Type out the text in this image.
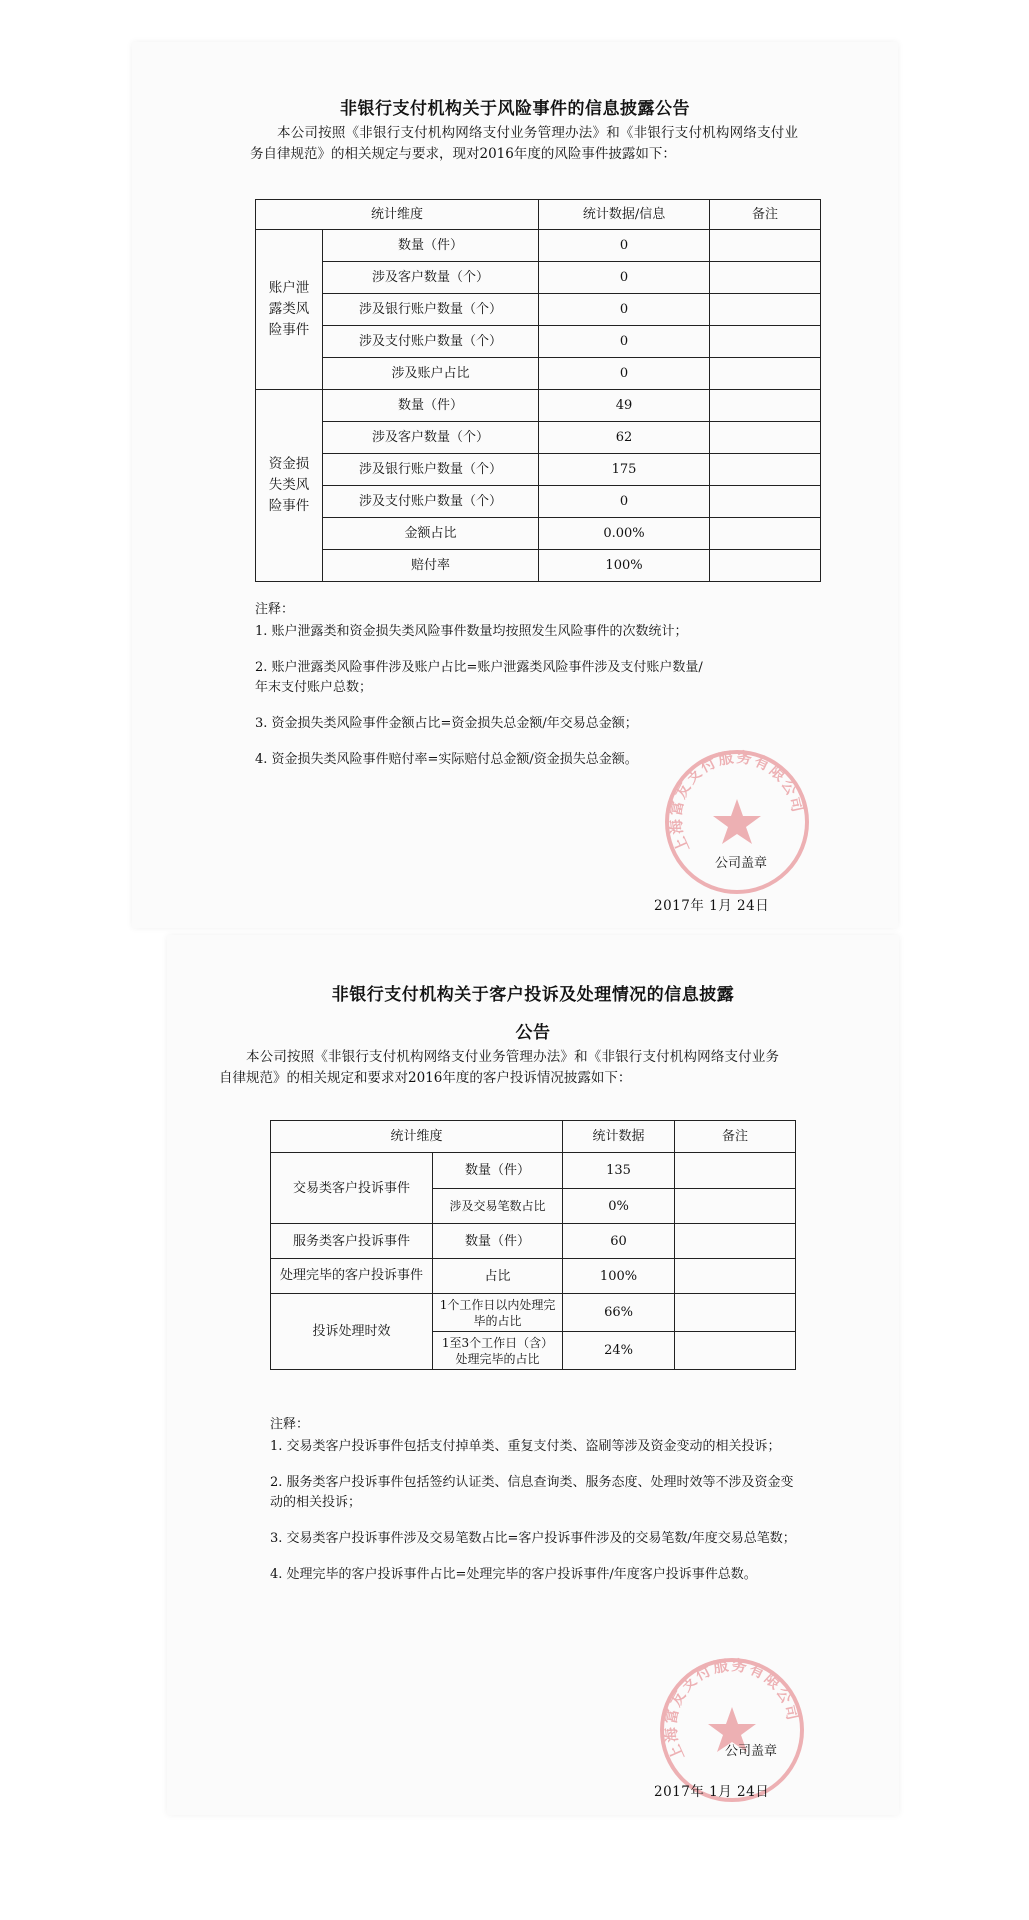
非银行支付机构关于风险事件的信息披露公告
本公司按照《非银行支付机构网络支付业务管理办法》和《非银行支付机构网络支付业务自律规范》的相关规定与要求，现对2016年度的风险事件披露如下：
统计维度		统计数据/信息	备注
账户泄露类风险事件	数量（件）	0	
	涉及客户数量（个）	0	
	涉及银行账户数量（个）	0	
	涉及支付账户数量（个）	0	
	涉及账户占比	0	
资金损失类风险事件	数量（件）	49	
	涉及客户数量（个）	62	
	涉及银行账户数量（个）	175	
	涉及支付账户数量（个）	0	
	金额占比	0.00%	
	赔付率	100%	
注释：

1. 账户泄露类和资金损失类风险事件数量均按照发生风险事件的次数统计；

2. 账户泄露类风险事件涉及账户占比=账户泄露类风险事件涉及支付账户数量/年末支付账户总数；

3. 资金损失类风险事件金额占比=资金损失总金额/年交易总金额；

4. 资金损失类风险事件赔付率=实际赔付总金额/资金损失总金额。

上海富友支付服务有限公司
公司盖章
2017年 1月 24日
非银行支付机构关于客户投诉及处理情况的信息披露
公告
本公司按照《非银行支付机构网络支付业务管理办法》和《非银行支付机构网络支付业务自律规范》的相关规定和要求对2016年度的客户投诉情况披露如下：
统计维度		统计数据	备注
交易类客户投诉事件	数量（件）	135	
	涉及交易笔数占比	0%	
服务类客户投诉事件	数量（件）	60	
处理完毕的客户投诉事件	占比	100%	
投诉处理时效	1个工作日以内处理完毕的占比	66%	
	1至3个工作日（含）处理完毕的占比	24%	
注释：

1. 交易类客户投诉事件包括支付掉单类、重复支付类、盗刷等涉及资金变动的相关投诉；

2. 服务类客户投诉事件包括签约认证类、信息查询类、服务态度、处理时效等不涉及资金变动的相关投诉；

3. 交易类客户投诉事件涉及交易笔数占比=客户投诉事件涉及的交易笔数/年度交易总笔数；

4. 处理完毕的客户投诉事件占比=处理完毕的客户投诉事件/年度客户投诉事件总数。

上海富友支付服务有限公司
公司盖章
2017年 1月 24日
